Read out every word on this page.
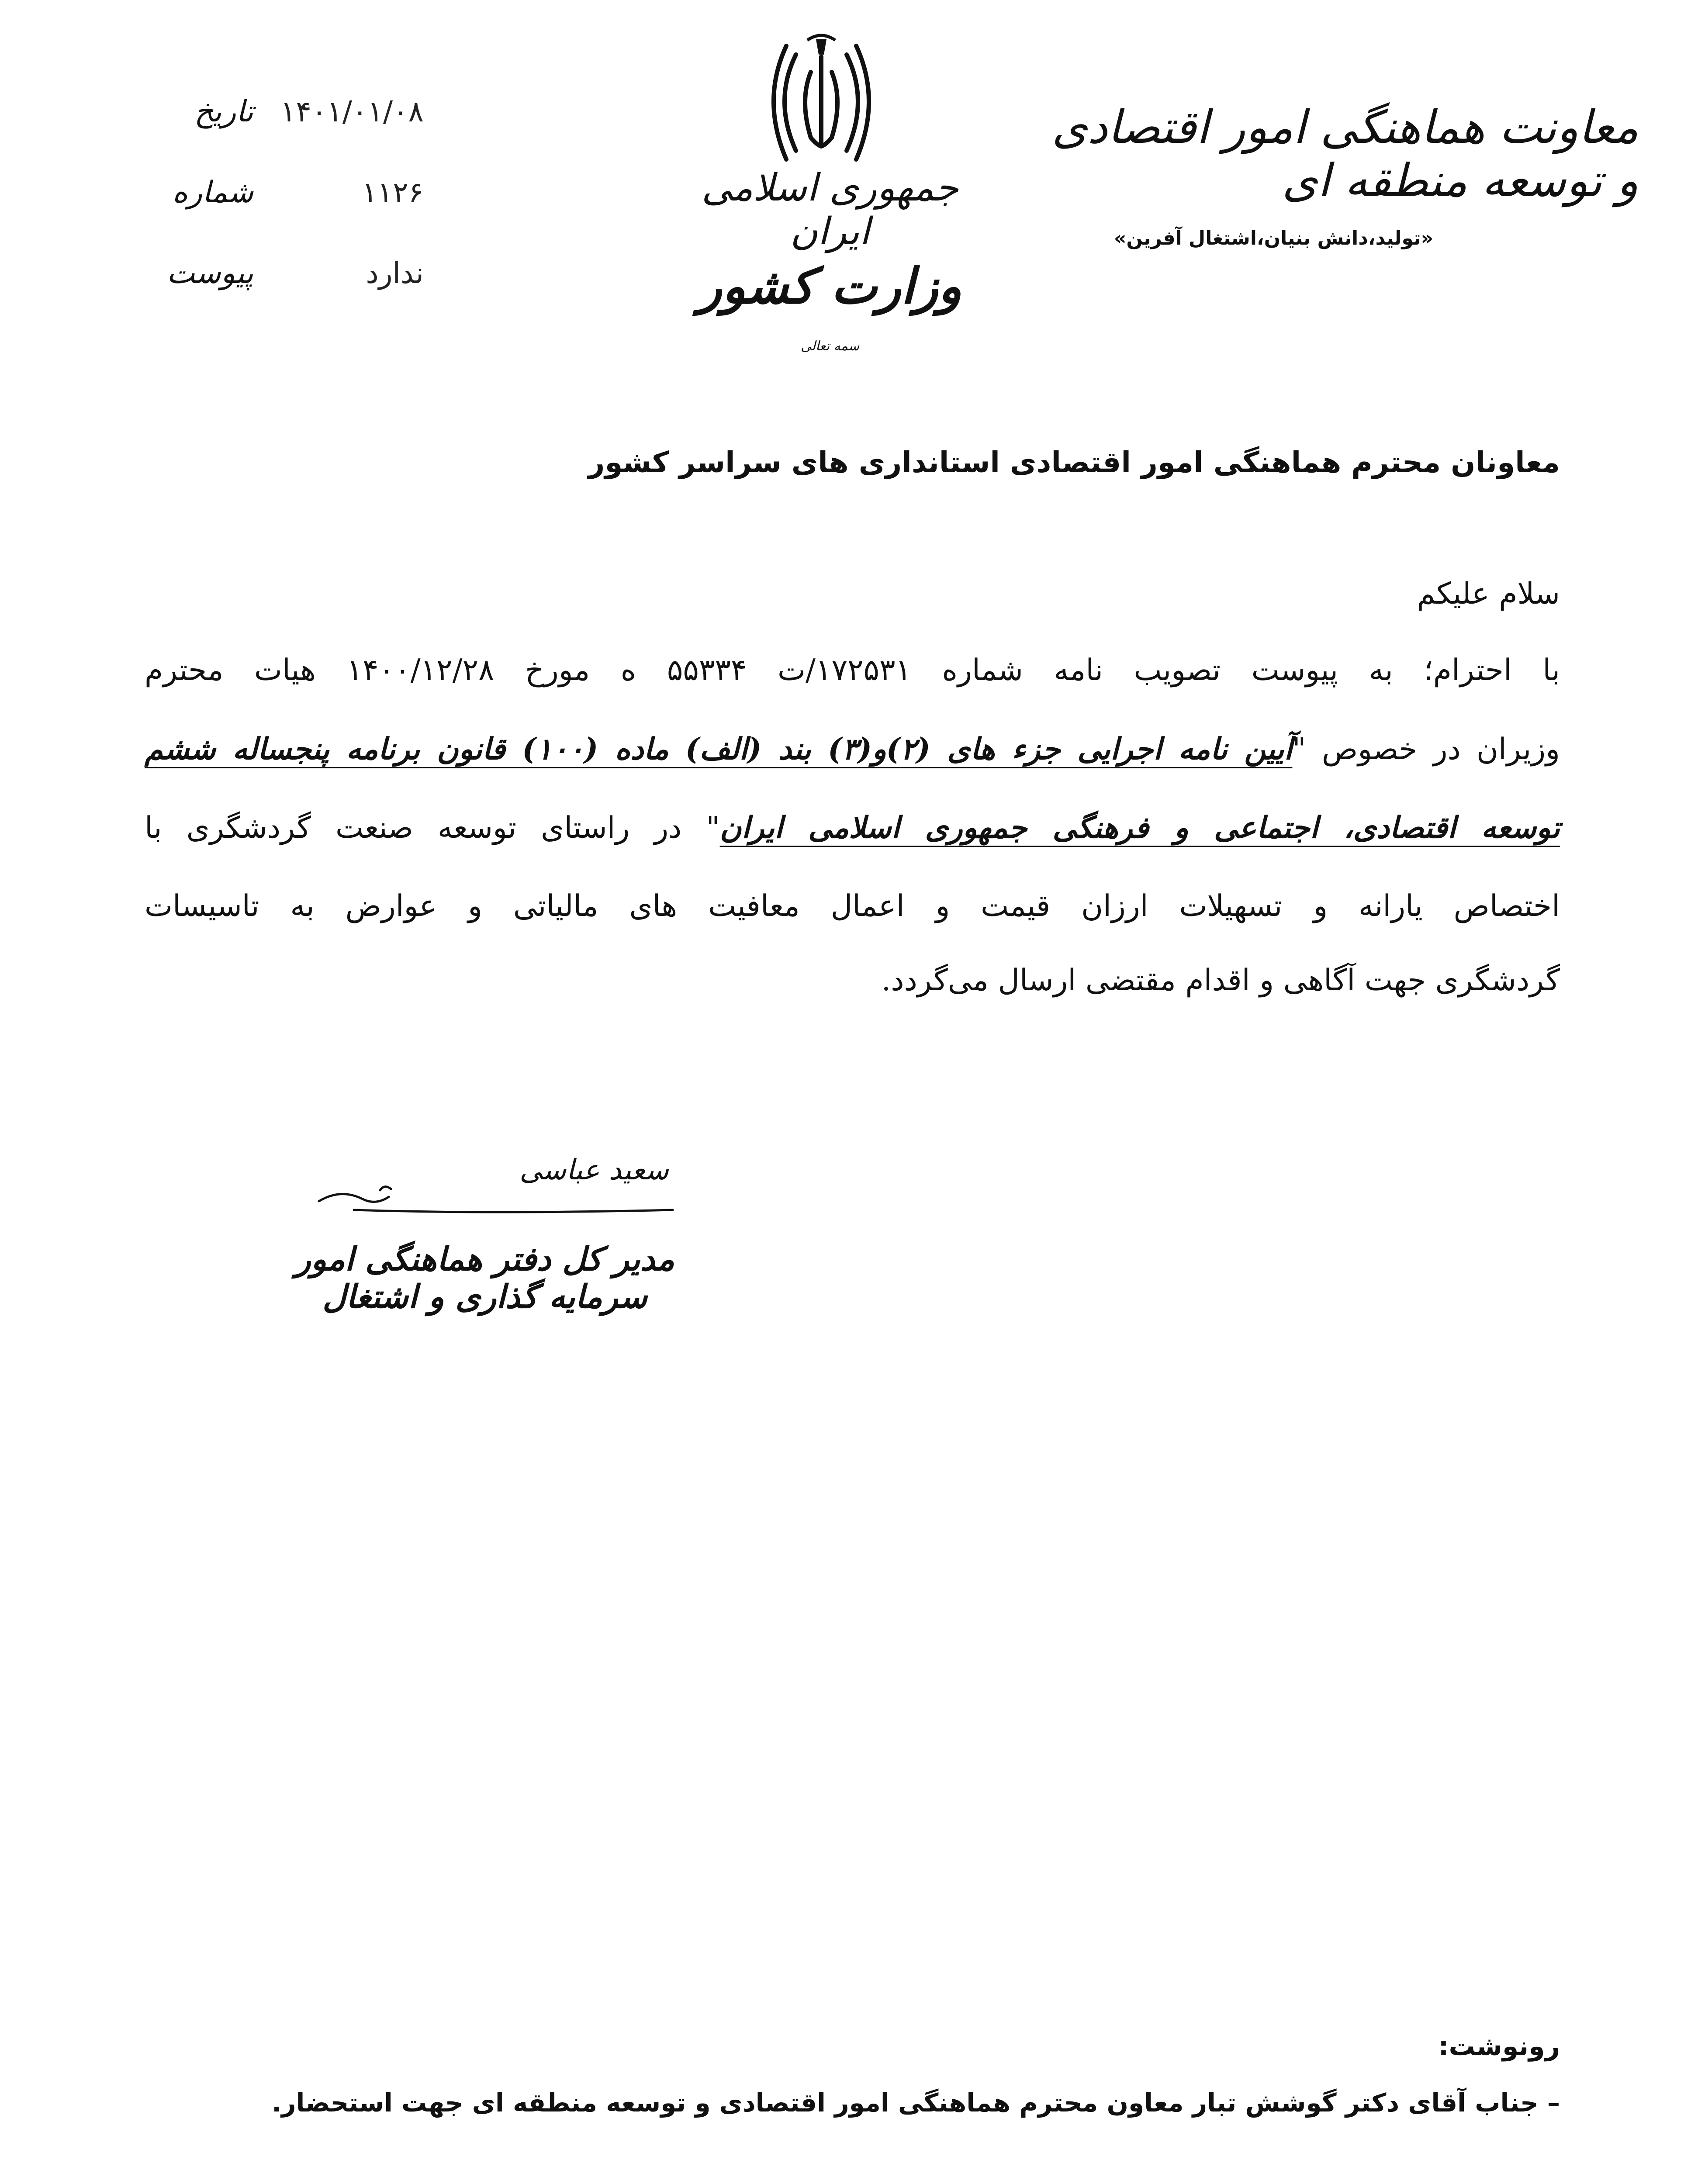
تاریخ ۱۴۰۱/۰۱/۰۸
شماره	۱۱۲۶
پیوست	ندارد
جمهوری اسلامی ایران
وزارت کشور
سمه تعالی
معاونت هماهنگی امور اقتصادی و توسعه منطقه ای
«تولید،دانش بنیان،اشتغال آفرین»
معاونان محترم هماهنگی امور اقتصادی استانداری های سراسر کشور
سلام علیکم
با احترام؛ به پیوست تصویب نامه شماره ۱۷۲۵۳۱/ت ۵۵۳۳۴ ه مورخ ۱۴۰۰/۱۲/۲۸ هیات محترم
وزیران در خصوص "آیین نامه اجرایی جزء های (۲)و(۳) بند (الف) ماده (۱۰۰) قانون برنامه پنجساله ششم
توسعه اقتصادی، اجتماعی و فرهنگی جمهوری اسلامی ایران" در راستای توسعه صنعت گردشگری با
اختصاص یارانه و تسهیلات ارزان قیمت و اعمال معافیت های مالیاتی و عوارض به تاسیسات
گردشگری جهت آگاهی و اقدام مقتضی ارسال می‌گردد.
سعید عباسی
مدیر کل دفتر هماهنگی امور سرمایه گذاری و اشتغال
رونوشت:
– جناب آقای دکتر گوشش تبار معاون محترم هماهنگی امور اقتصادی و توسعه منطقه ای جهت استحضار.
